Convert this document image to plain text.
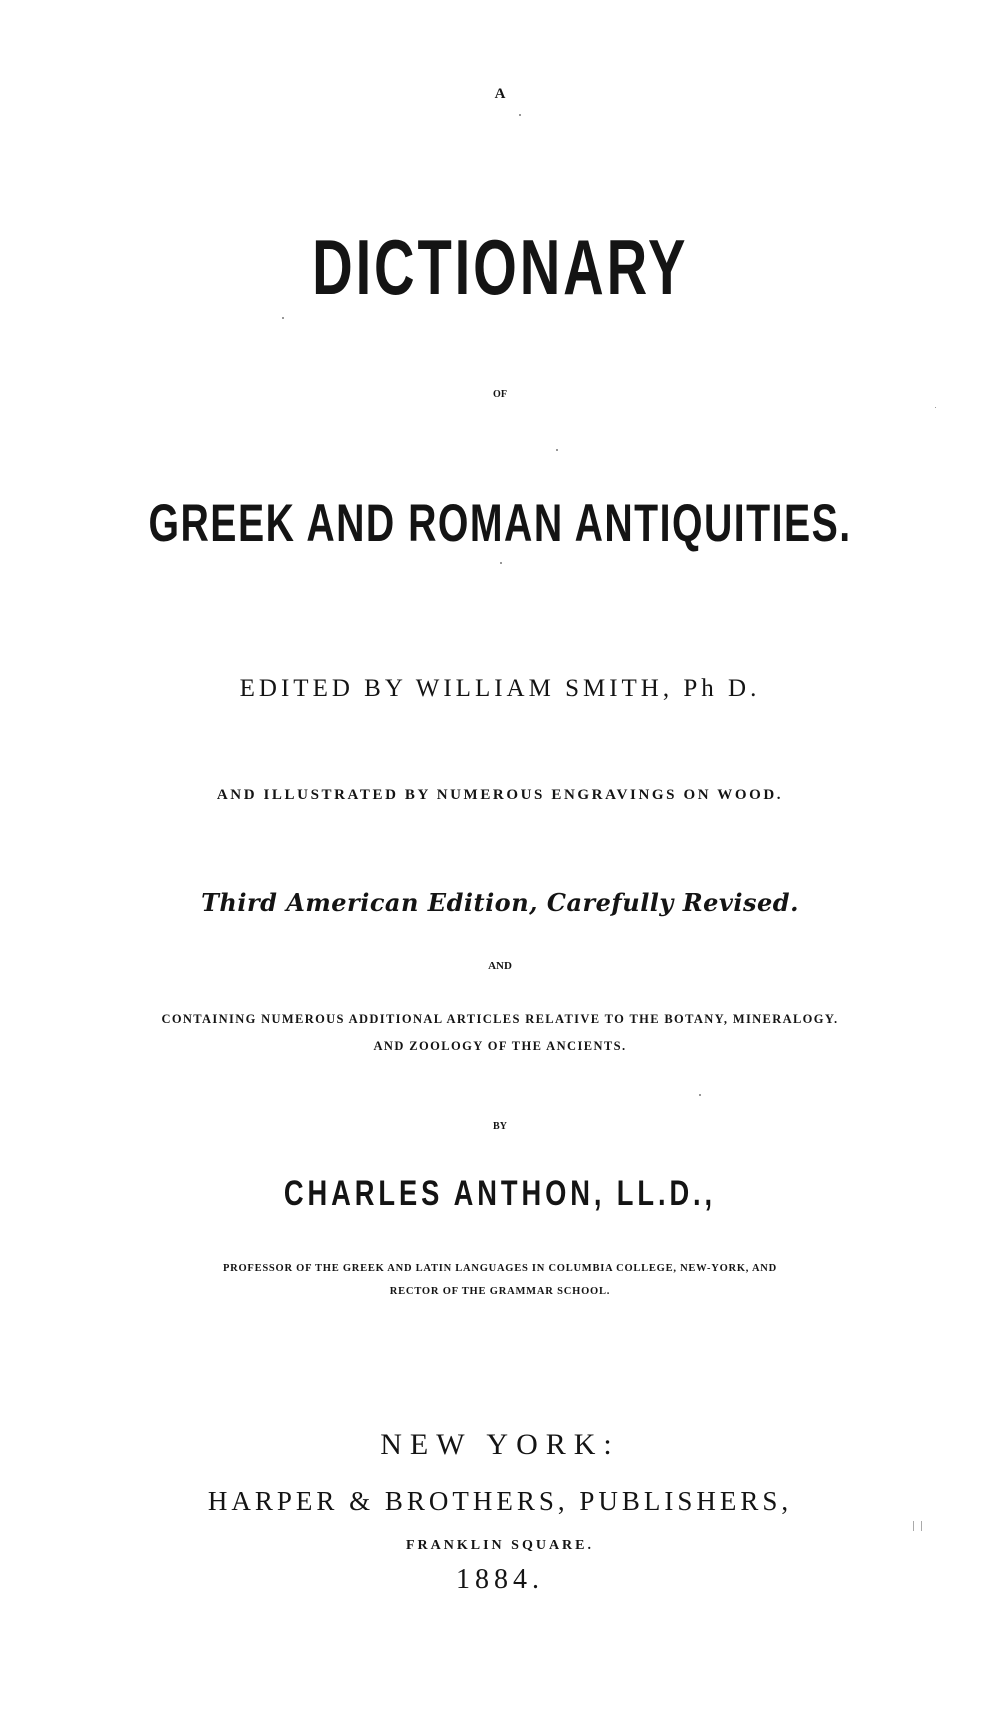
A
DICTIONARY
OF
GREEK AND ROMAN ANTIQUITIES.
EDITED BY WILLIAM SMITH, Ph D.
AND ILLUSTRATED BY NUMEROUS ENGRAVINGS ON WOOD.
Third American Edition, Carefully Revised.
AND
CONTAINING NUMEROUS ADDITIONAL ARTICLES RELATIVE TO THE BOTANY, MINERALOGY.
AND ZOOLOGY OF THE ANCIENTS.
BY
CHARLES ANTHON, LL.D.,
PROFESSOR OF THE GREEK AND LATIN LANGUAGES IN COLUMBIA COLLEGE, NEW-YORK, AND
RECTOR OF THE GRAMMAR SCHOOL.
NEW YORK:
HARPER & BROTHERS, PUBLISHERS,
FRANKLIN SQUARE.
1884.
